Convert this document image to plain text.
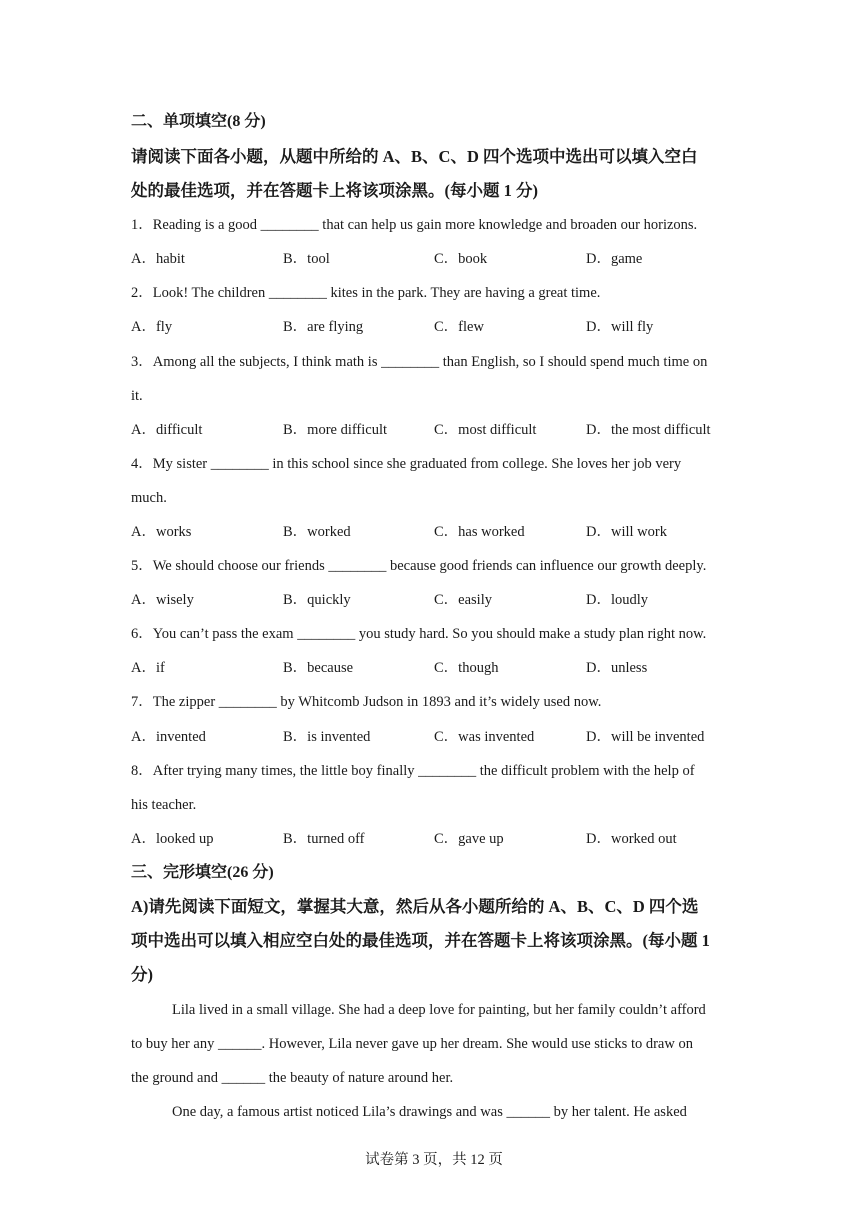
二、单项填空(8 分)
请阅读下面各小题，从题中所给的 A、B、C、D 四个选项中选出可以填入空白
处的最佳选项，并在答题卡上将该项涂黑。(每小题 1 分)
1．Reading is a good ________ that can help us gain more knowledge and broaden our horizons.
A．habit	B．tool	C．book	D．game
2．Look! The children ________ kites in the park. They are having a great time.
A．fly	B．are flying	C．flew	D．will fly
3．Among all the subjects, I think math is ________ than English, so I should spend much time on
it.
A．difficult	B．more difficult	C．most difficult	D．the most difficult
4．My sister ________ in this school since she graduated from college. She loves her job very
much.
A．works	B．worked	C．has worked	D．will work
5．We should choose our friends ________ because good friends can influence our growth deeply.
A．wisely	B．quickly	C．easily	D．loudly
6．You can’t pass the exam ________ you study hard. So you should make a study plan right now.
A．if	B．because	C．though	D．unless
7．The zipper ________ by Whitcomb Judson in 1893 and it’s widely used now.
A．invented	B．is invented	C．was invented	D．will be invented
8．After trying many times, the little boy finally ________ the difficult problem with the help of
his teacher.
A．looked up	B．turned off	C．gave up	D．worked out
三、完形填空(26 分)
A)请先阅读下面短文，掌握其大意，然后从各小题所给的 A、B、C、D 四个选
项中选出可以填入相应空白处的最佳选项，并在答题卡上将该项涂黑。(每小题 1
分)
Lila lived in a small village. She had a deep love for painting, but her family couldn’t afford
to buy her any ______. However, Lila never gave up her dream. She would use sticks to draw on
the ground and ______ the beauty of nature around her.
One day, a famous artist noticed Lila’s drawings and was ______ by her talent. He asked
试卷第 3 页，共 12 页
